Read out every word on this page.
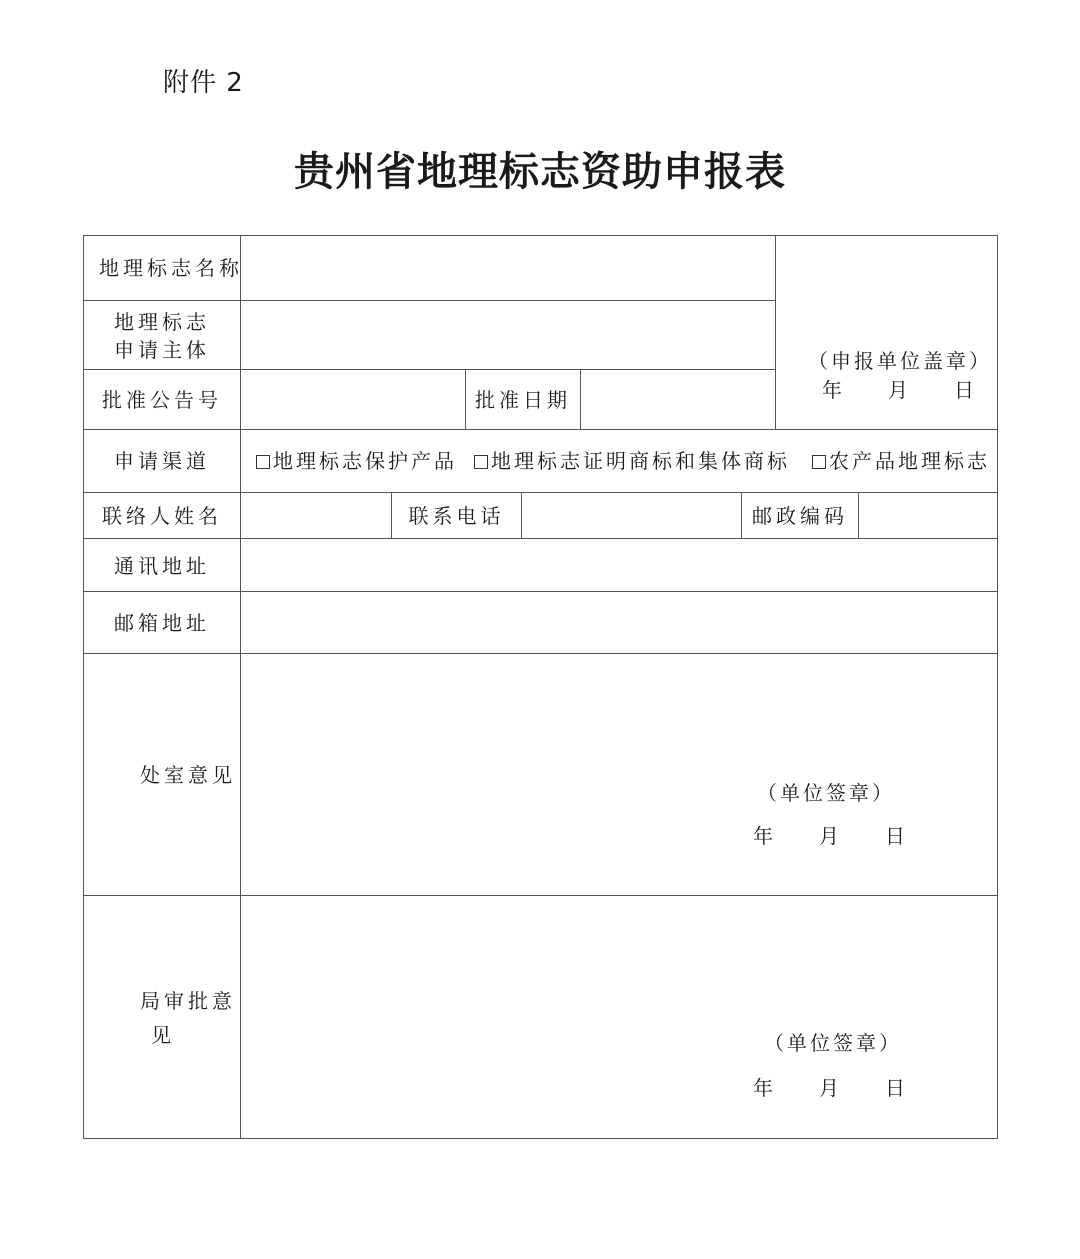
附件 2
贵州省地理标志资助申报表
地理标志名称
地理标志
申请主体
批准公告号	批准日期
（申报单位盖章）
年　　月　　日
申请渠道	地理标志保护产品	地理标志证明商标和集体商标	农产品地理标志
联络人姓名	联系电话	邮政编码
通讯地址
邮箱地址
处室意见
（单位签章）
年　　月　　日
局审批意
见	（单位签章）
年　　月　　日
